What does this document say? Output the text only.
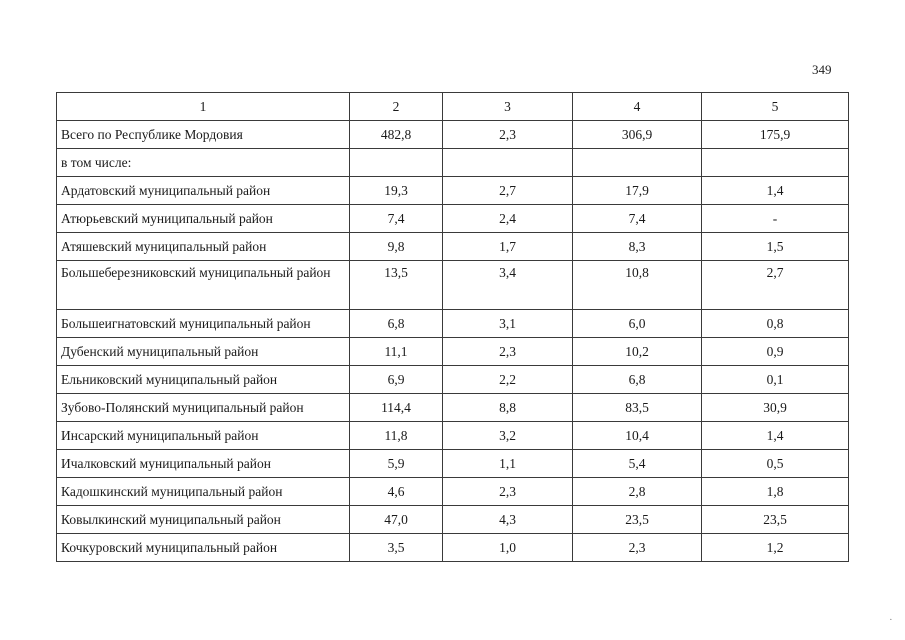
349
1	2	3	4	5
Всего по Республике Мордовия	482,8	2,3	306,9	175,9
в том числе:				
Ардатовский муниципальный район	19,3	2,7	17,9	1,4
Атюрьевский муниципальный район	7,4	2,4	7,4	-
Атяшевский муниципальный район	9,8	1,7	8,3	1,5
Большеберезниковский муниципальный район	13,5	3,4	10,8	2,7
Большеигнатовский муниципальный район	6,8	3,1	6,0	0,8
Дубенский муниципальный район	11,1	2,3	10,2	0,9
Ельниковский муниципальный район	6,9	2,2	6,8	0,1
Зубово-Полянский муниципальный район	114,4	8,8	83,5	30,9
Инсарский муниципальный район	11,8	3,2	10,4	1,4
Ичалковский муниципальный район	5,9	1,1	5,4	0,5
Кадошкинский муниципальный район	4,6	2,3	2,8	1,8
Ковылкинский муниципальный район	47,0	4,3	23,5	23,5
Кочкуровский муниципальный район	3,5	1,0	2,3	1,2
·
